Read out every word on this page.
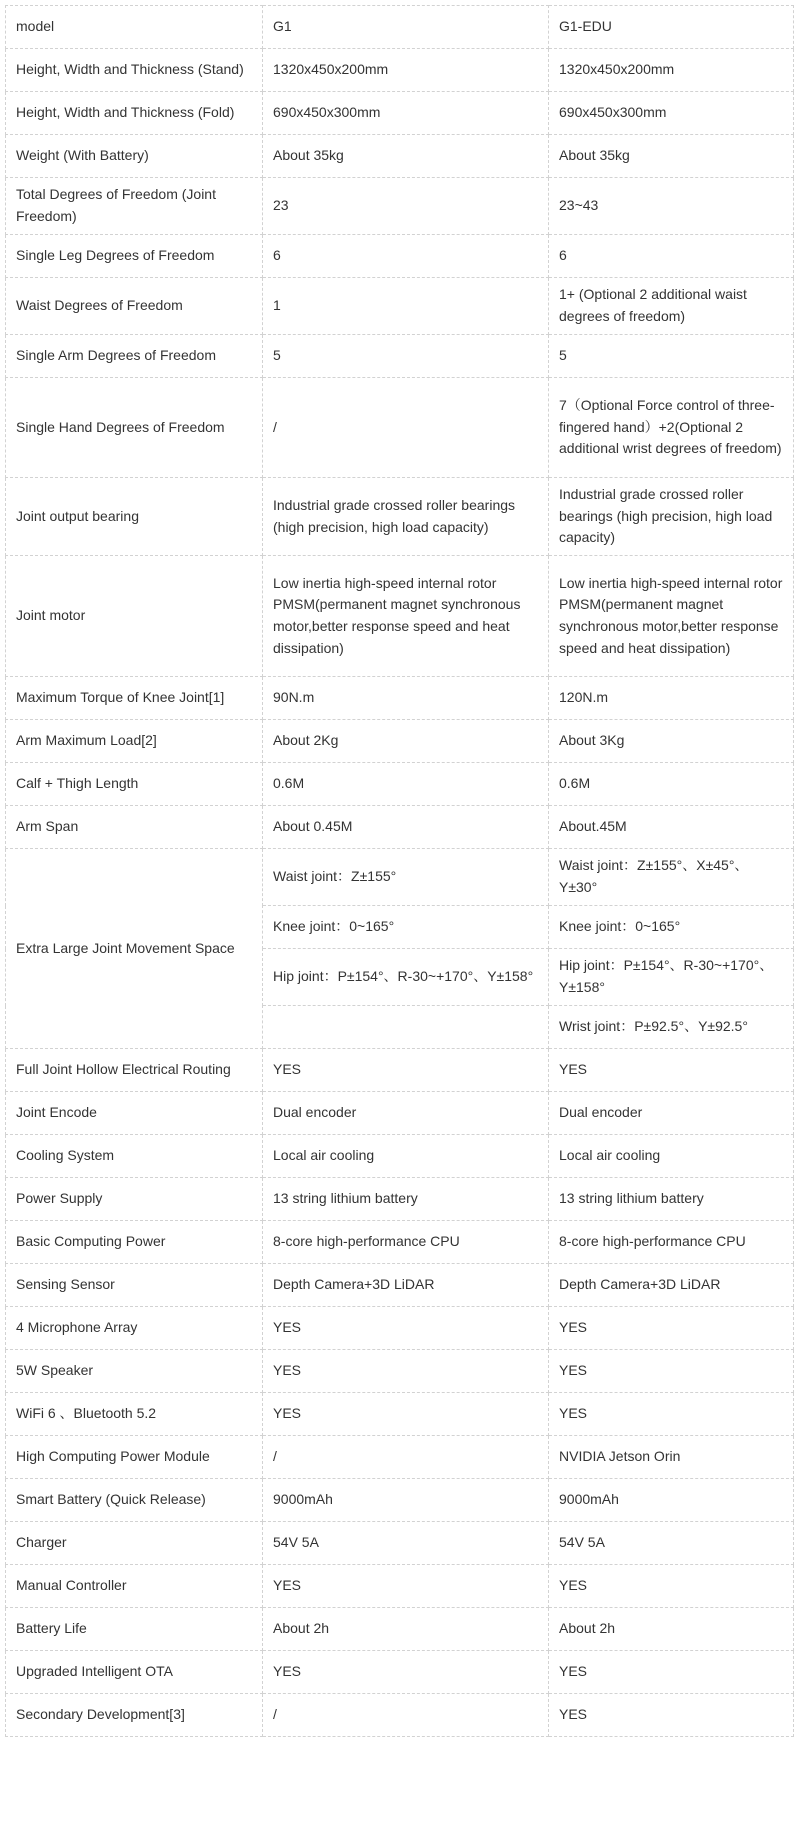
model	G1	G1-EDU
Height, Width and Thickness (Stand)	1320x450x200mm	1320x450x200mm
Height, Width and Thickness (Fold)	690x450x300mm	690x450x300mm
Weight (With Battery)	About 35kg	About 35kg
Total Degrees of Freedom (Joint Freedom)	23	23~43
Single Leg Degrees of Freedom	6	6
Waist Degrees of Freedom	1	1+ (Optional 2 additional waist degrees of freedom)
Single Arm Degrees of Freedom	5	5
Single Hand Degrees of Freedom	/	7（Optional Force control of three-fingered hand）+2(Optional 2 additional wrist degrees of freedom)
Joint output bearing	Industrial grade crossed roller bearings (high precision, high load capacity)	Industrial grade crossed roller bearings (high precision, high load capacity)
Joint motor	Low inertia high-speed internal rotor PMSM(permanent magnet synchronous motor,better response speed and heat dissipation)	Low inertia high-speed internal rotor PMSM(permanent magnet synchronous motor,better response speed and heat dissipation)
Maximum Torque of Knee Joint[1]	90N.m	120N.m
Arm Maximum Load[2]	About 2Kg	About 3Kg
Calf + Thigh Length	0.6M	0.6M
Arm Span	About 0.45M	About.45M
Extra Large Joint Movement Space	Waist joint：Z±155°	Waist joint：Z±155°、X±45°、Y±30°
	Knee joint：0~165°	Knee joint：0~165°
	Hip joint：P±154°、R-30~+170°、Y±158°	Hip joint：P±154°、R-30~+170°、Y±158°
		Wrist joint：P±92.5°、Y±92.5°
Full Joint Hollow Electrical Routing	YES	YES
Joint Encode	Dual encoder	Dual encoder
Cooling System	Local air cooling	Local air cooling
Power Supply	13 string lithium battery	13 string lithium battery
Basic Computing Power	8-core high-performance CPU	8-core high-performance CPU
Sensing Sensor	Depth Camera+3D LiDAR	Depth Camera+3D LiDAR
4 Microphone Array	YES	YES
5W Speaker	YES	YES
WiFi 6 、Bluetooth 5.2	YES	YES
High Computing Power Module	/	NVIDIA Jetson Orin
Smart Battery (Quick Release)	9000mAh	9000mAh
Charger	54V 5A	54V 5A
Manual Controller	YES	YES
Battery Life	About 2h	About 2h
Upgraded Intelligent OTA	YES	YES
Secondary Development[3]	/	YES
